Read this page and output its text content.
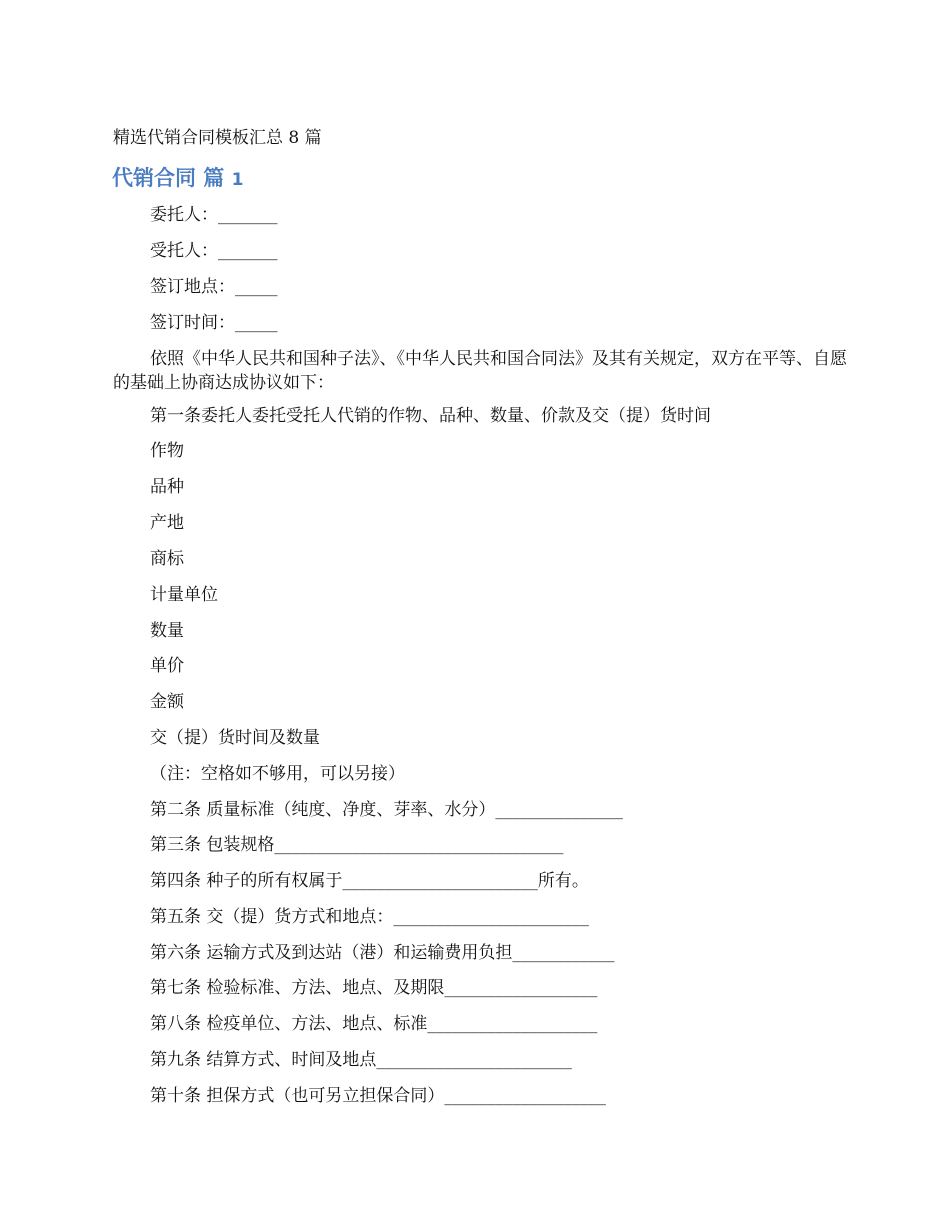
精选代销合同模板汇总 8 篇
代销合同 篇 1
委托人：_______
受托人：_______
签订地点：_____
签订时间：_____
依照《中华人民共和国种子法》、《中华人民共和国合同法》及其有关规定，双方在平等、自愿的基础上协商达成协议如下：
第一条委托人委托受托人代销的作物、品种、数量、价款及交（提）货时间
作物
品种
产地
商标
计量单位
数量
单价
金额
交（提）货时间及数量
（注：空格如不够用，可以另接）
第二条 质量标准（纯度、净度、芽率、水分）_______________
第三条 包装规格__________________________________
第四条 种子的所有权属于_______________________所有。
第五条 交（提）货方式和地点：_______________________
第六条 运输方式及到达站（港）和运输费用负担____________
第七条 检验标准、方法、地点、及期限__________________
第八条 检疫单位、方法、地点、标准____________________
第九条 结算方式、时间及地点_______________________
第十条 担保方式（也可另立担保合同）___________________
